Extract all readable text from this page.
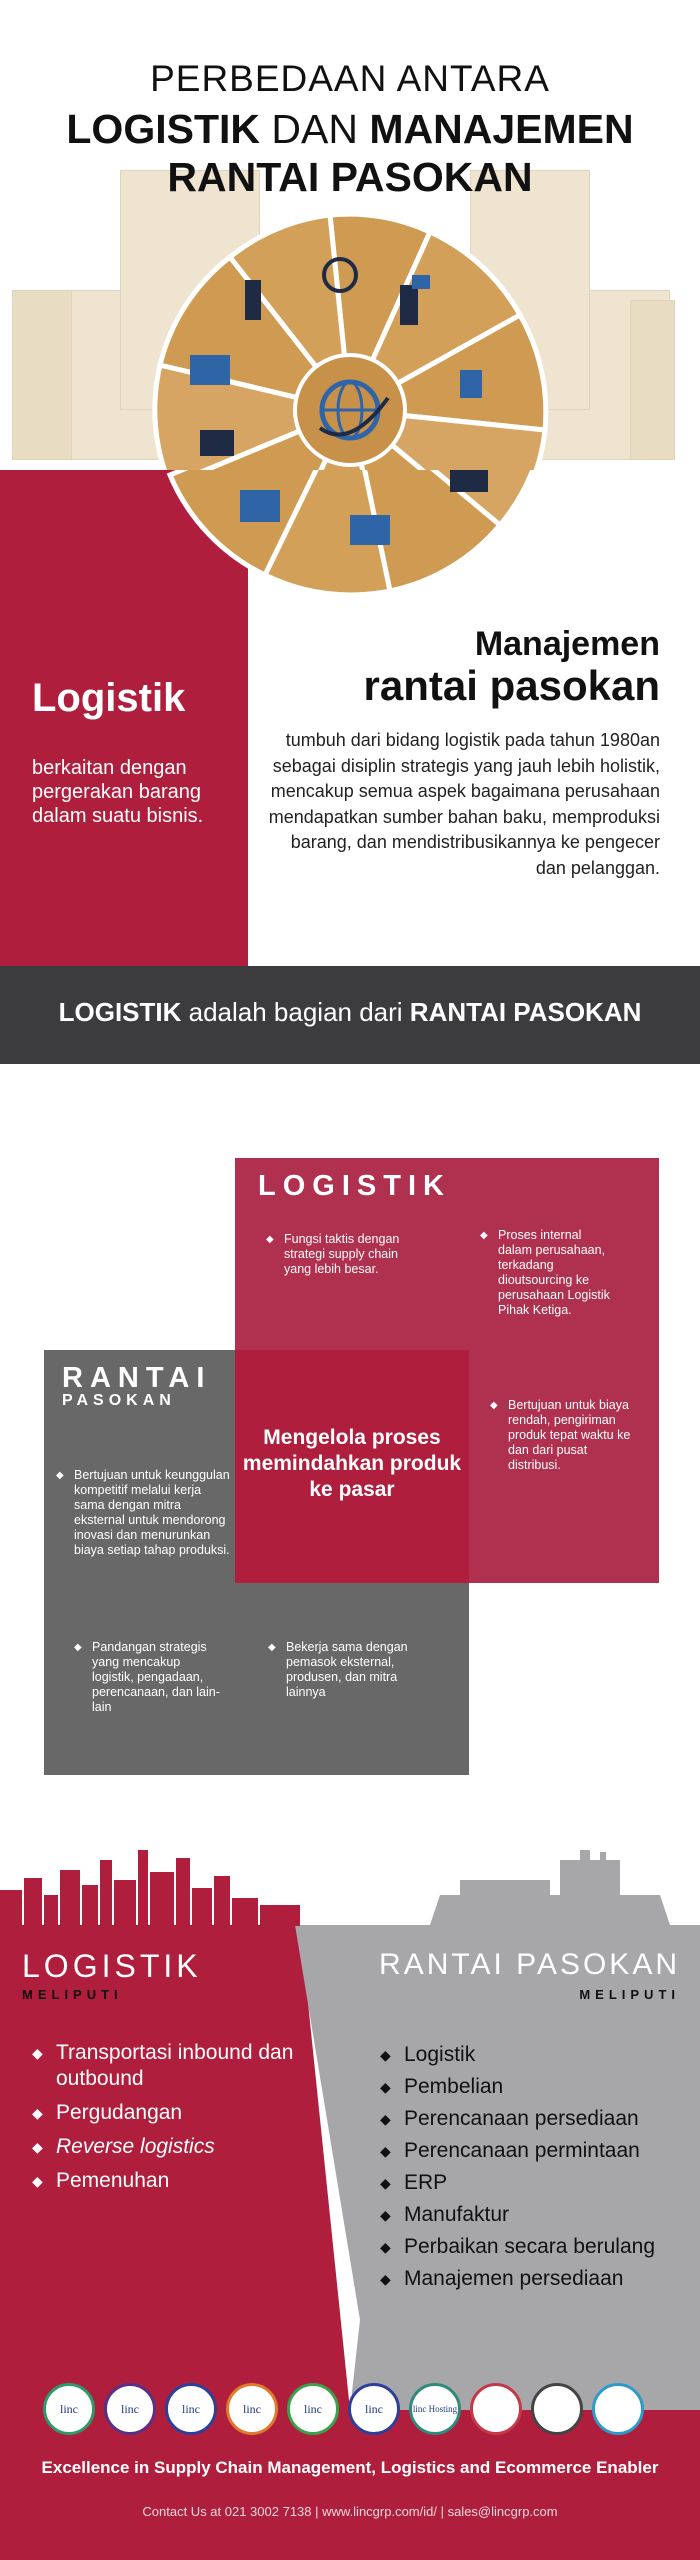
PERBEDAAN ANTARA
LOGISTIK DAN MANAJEMEN
RANTAI PASOKAN
Logistik
berkaitan dengan pergerakan barang dalam suatu bisnis.
Manajemen
rantai pasokan
tumbuh dari bidang logistik pada tahun 1980an sebagai disiplin strategis yang jauh lebih holistik, mencakup semua aspek bagaimana perusahaan mendapatkan sumber bahan baku, memproduksi barang, dan mendistribusikannya ke pengecer dan pelanggan.
LOGISTIK adalah bagian dari RANTAI PASOKAN
Mengelola proses memindahkan produk ke pasar
LOGISTIK
RANTAI
PASOKAN
◆ Fungsi taktis dengan strategi supply chain yang lebih besar.
◆ Proses internal dalam perusahaan, terkadang dioutsourcing ke perusahaan Logistik Pihak Ketiga.
◆ Bertujuan untuk biaya rendah, pengiriman produk tepat waktu ke dan dari pusat distribusi.
◆ Bertujuan untuk keunggulan kompetitif melalui kerja sama dengan mitra eksternal untuk mendorong inovasi dan menurunkan biaya setiap tahap produksi.
◆ Pandangan strategis yang mencakup logistik, pengadaan, perencanaan, dan lain-lain
◆ Bekerja sama dengan pemasok eksternal, produsen, dan mitra lainnya
LOGISTIK
MELIPUTI
RANTAI PASOKAN
MELIPUTI
◆ Transportasi inbound dan outbound
◆ Pergudangan
◆ Reverse logistics
◆ Pemenuhan
◆ Logistik
◆ Pembelian
◆ Perencanaan persediaan
◆ Perencanaan permintaan
◆ ERP
◆ Manufaktur
◆ Perbaikan secara berulang
◆ Manajemen persediaan
linc	linc	linc	linc	linc	linc	linc Hosting
Excellence in Supply Chain Management, Logistics and Ecommerce Enabler
Contact Us at 021 3002 7138 | www.lincgrp.com/id/ | sales@lincgrp.com
